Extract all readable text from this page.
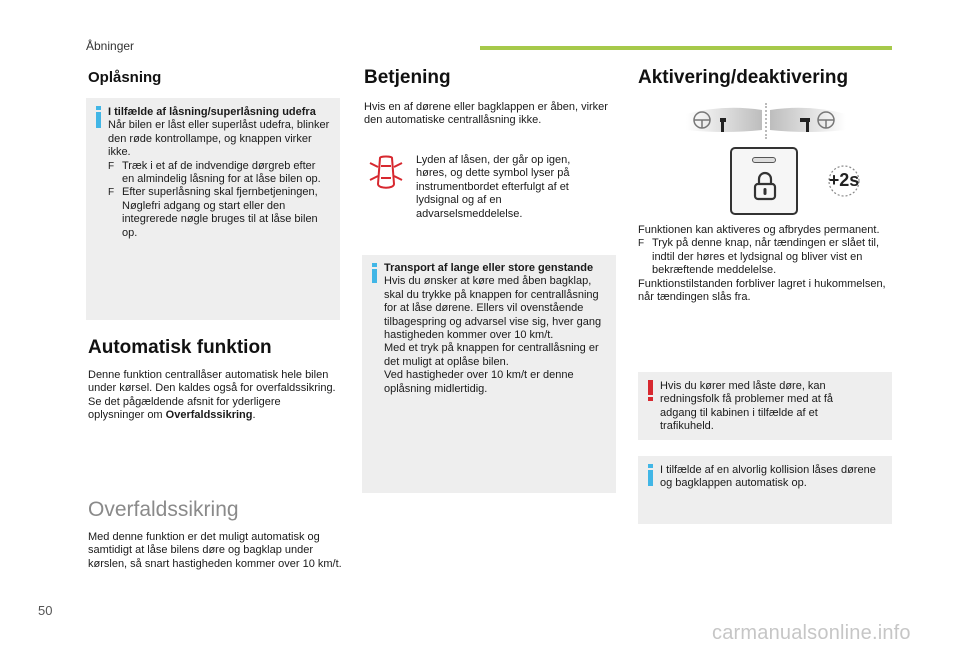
Åbninger
Oplåsning
I tilfælde af låsning/superlåsning udefra
Når bilen er låst eller superlåst udefra, blinker den røde kontrollampe, og knappen virker ikke.
F Træk i et af de indvendige dørgreb efter en almindelig låsning for at låse bilen op.
F Efter superlåsning skal fjernbetjeningen, Nøglefri adgang og start eller den integrerede nøgle bruges til at låse bilen op.
Automatisk funktion

Denne funktion centrallåser automatisk hele bilen under kørsel. Den kaldes også for overfaldssikring.

Se det pågældende afsnit for yderligere oplysninger om Overfaldssikring.

Overfaldssikring
Med denne funktion er det muligt automatisk og samtidigt at låse bilens døre og bagklap under kørslen, så snart hastigheden kommer over 10 km/t.
Betjening
Hvis en af dørene eller bagklappen er åben, virker den automatiske centrallåsning ikke.
Lyden af låsen, der går op igen, høres, og dette symbol lyser på instrumentbordet efterfulgt af et lydsignal og af en advarselsmeddelelse.
Transport af lange eller store genstande
Hvis du ønsker at køre med åben bagklap, skal du trykke på knappen for centrallåsning for at låse dørene. Ellers vil ovenstående tilbagespring og advarsel vise sig, hver gang hastigheden kommer over 10 km/t.
Med et tryk på knappen for centrallåsning er det muligt at oplåse bilen.
Ved hastigheder over 10 km/t er denne oplåsning midlertidig.
Aktivering/deaktivering
+2s

Funktionen kan aktiveres og afbrydes permanent.

F Tryk på denne knap, når tændingen er slået til, indtil der høres et lydsignal og bliver vist en bekræftende meddelelse.

Funktionstilstanden forbliver lagret i hukommelsen, når tændingen slås fra.

Hvis du kører med låste døre, kan redningsfolk få problemer med at få adgang til kabinen i tilfælde af et trafikuheld.
I tilfælde af en alvorlig kollision låses dørene og bagklappen automatisk op.
50
carmanualsonline.info
